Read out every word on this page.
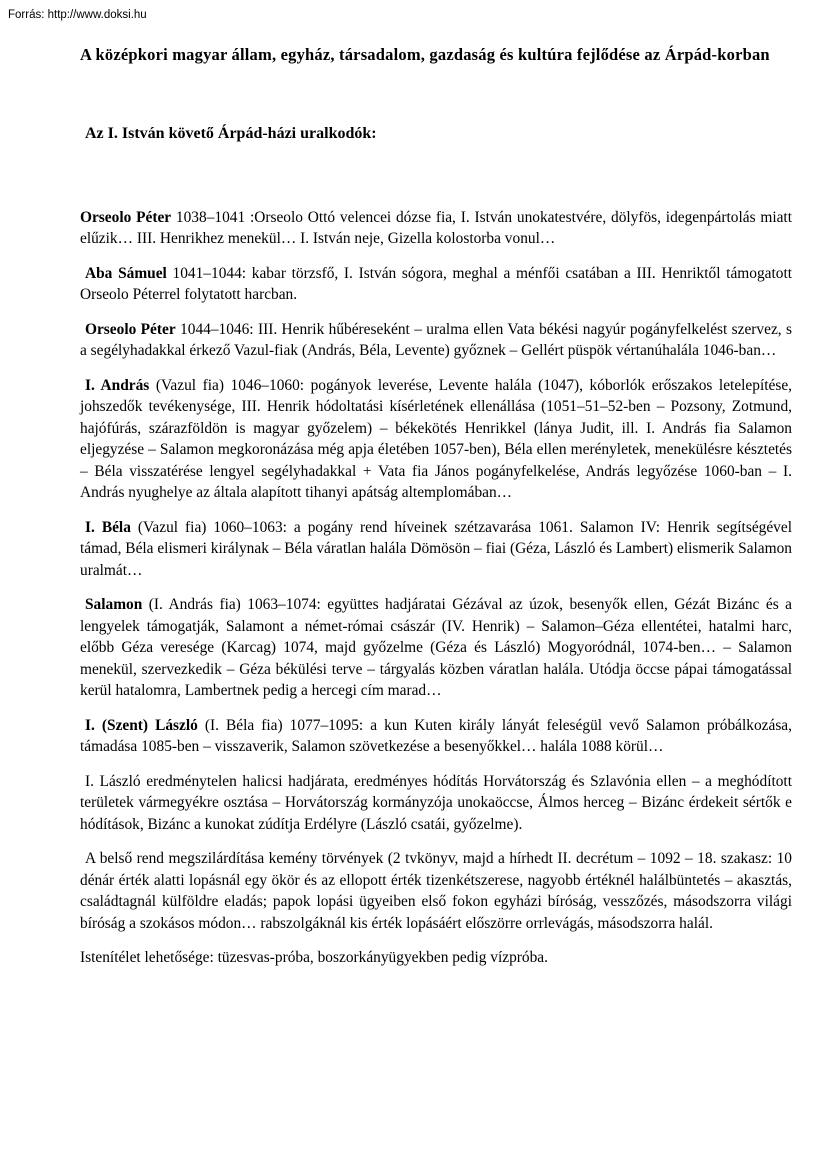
Forrás: http://www.doksi.hu
A középkori magyar állam, egyház, társadalom, gazdaság és kultúra fejlődése az Árpád-korban
Az I. István követő Árpád-házi uralkodók:

Orseolo Péter 1038–1041 :Orseolo Ottó velencei dózse fia, I. István unokatestvére, dölyfös, idegenpártolás miatt elűzik… III. Henrikhez menekül… I. István neje, Gizella kolostorba vonul…

Aba Sámuel 1041–1044: kabar törzsfő, I. István sógora, meghal a ménfői csatában a III. Henriktől támogatott Orseolo Péterrel folytatott harcban.

Orseolo Péter 1044–1046: III. Henrik hűbéreseként – uralma ellen Vata békési nagyúr pogányfelkelést szervez, s a segélyhadakkal érkező Vazul-fiak (András, Béla, Levente) győznek – Gellért püspök vértanúhalála 1046-ban…

I. András (Vazul fia) 1046–1060: pogányok leverése, Levente halála (1047), kóborlók erőszakos letelepítése, johszedők tevékenysége, III. Henrik hódoltatási kísérletének ellenállása (1051–51–52-ben – Pozsony, Zotmund, hajófúrás, szárazföldön is magyar győzelem) – békekötés Henrikkel (lánya Judit, ill. I. András fia Salamon eljegyzése – Salamon megkoronázása még apja életében 1057-ben), Béla ellen merényletek, menekülésre késztetés – Béla visszatérése lengyel segélyhadakkal + Vata fia János pogányfelkelése, András legyőzése 1060-ban – I. András nyughelye az általa alapított tihanyi apátság altemplomában…

I. Béla (Vazul fia) 1060–1063: a pogány rend híveinek szétzavarása 1061. Salamon IV: Henrik segítségével támad, Béla elismeri királynak – Béla váratlan halála Dömösön – fiai (Géza, László és Lambert) elismerik Salamon uralmát…

Salamon (I. András fia) 1063–1074: együttes hadjáratai Gézával az úzok, besenyők ellen, Gézát Bizánc és a lengyelek támogatják, Salamont a német-római császár (IV. Henrik) – Salamon–Géza ellentétei, hatalmi harc, előbb Géza veresége (Karcag) 1074, majd győzelme (Géza és László) Mogyoródnál, 1074-ben… – Salamon menekül, szervezkedik – Géza békülési terve – tárgyalás közben váratlan halála. Utódja öccse pápai támogatással kerül hatalomra, Lambertnek pedig a hercegi cím marad…

I. (Szent) László (I. Béla fia) 1077–1095: a kun Kuten király lányát feleségül vevő Salamon próbálkozása, támadása 1085-ben – visszaverik, Salamon szövetkezése a besenyőkkel… halála 1088 körül…

I. László eredménytelen halicsi hadjárata, eredményes hódítás Horvátország és Szlavónia ellen – a meghódított területek vármegyékre osztása – Horvátország kormányzója unokaöccse, Álmos herceg – Bizánc érdekeit sértők e hódítások, Bizánc a kunokat zúdítja Erdélyre (László csatái, győzelme).

A belső rend megszilárdítása kemény törvények (2 tvkönyv, majd a hírhedt II. decrétum – 1092 – 18. szakasz: 10 dénár érték alatti lopásnál egy ökör és az ellopott érték tizenkétszerese, nagyobb értéknél halálbüntetés – akasztás, családtagnál külföldre eladás; papok lopási ügyeiben első fokon egyházi bíróság, vesszőzés, másodszorra világi bíróság a szokásos módon… rabszolgáknál kis érték lopásáért előszörre orrlevágás, másodszorra halál.

Istenítélet lehetősége: tüzesvas-próba, boszorkányügyekben pedig vízpróba.
